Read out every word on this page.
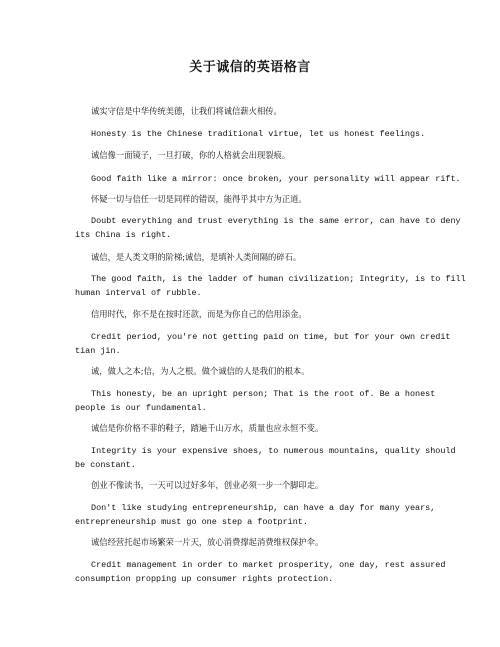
关于诚信的英语格言
诚实守信是中华传统美德，让我们将诚信薪火相传。
Honesty is the Chinese traditional virtue, let us honest feelings.
诚信像一面镜子，一旦打破，你的人格就会出现裂痕。
Good faith like a mirror: once broken, your personality will appear rift.
怀疑一切与信任一切是同样的错误，能得乎其中方为正道。
Doubt everything and trust everything is the same error, can have to deny
its China is right.
诚信，是人类文明的阶梯;诚信，是填补人类间隔的碎石。
The good faith, is the ladder of human civilization; Integrity, is to fill
human interval of rubble.
信用时代，你不是在按时还款，而是为你自己的信用添金。
Credit period, you're not getting paid on time, but for your own credit
tian jin.
诚，做人之本;信，为人之根。做个诚信的人是我们的根本。
This honesty, be an upright person; That is the root of. Be a honest
people is our fundamental.
诚信是你价格不菲的鞋子，踏遍千山万水，质量也应永恒不变。
Integrity is your expensive shoes, to numerous mountains, quality should
be constant.
创业不像读书，一天可以过好多年，创业必须一步一个脚印走。
Don't like studying entrepreneurship, can have a day for many years,
entrepreneurship must go one step a footprint.
诚信经营托起市场繁荣一片天，放心消费撑起消费维权保护伞。
Credit management in order to market prosperity, one day, rest assured
consumption propping up consumer rights protection.
